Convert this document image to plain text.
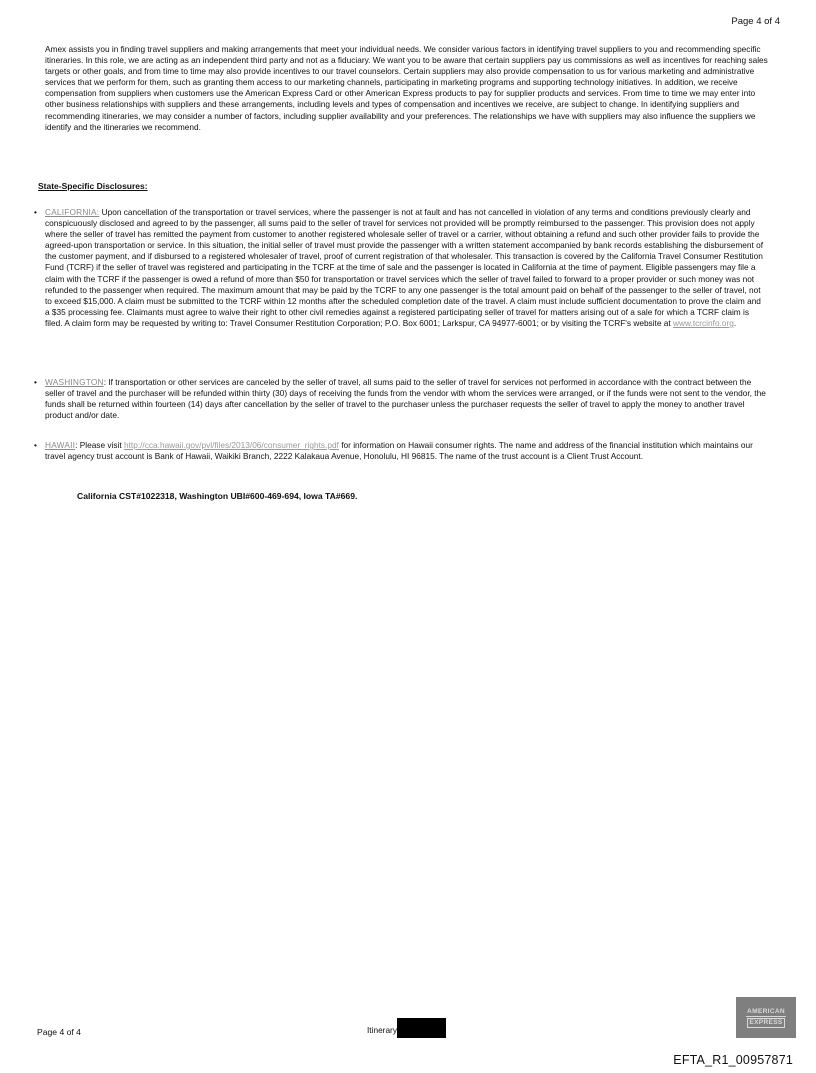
Page 4 of 4

Amex assists you in finding travel suppliers and making arrangements that meet your individual needs. We consider various factors in identifying travel suppliers to you and recommending specific itineraries. In this role, we are acting as an independent third party and not as a fiduciary. We want you to be aware that certain suppliers pay us commissions as well as incentives for reaching sales targets or other goals, and from time to time may also provide incentives to our travel counselors. Certain suppliers may also provide compensation to us for various marketing and administrative services that we perform for them, such as granting them access to our marketing channels, participating in marketing programs and supporting technology initiatives. In addition, we receive compensation from suppliers when customers use the American Express Card or other American Express products to pay for supplier products and services. From time to time we may enter into other business relationships with suppliers and these arrangements, including levels and types of compensation and incentives we receive, are subject to change. In identifying suppliers and recommending itineraries, we may consider a number of factors, including supplier availability and your preferences. The relationships we have with suppliers may also influence the suppliers we identify and the itineraries we recommend.

State-Specific Disclosures:
• CALIFORNIA: Upon cancellation of the transportation or travel services, where the passenger is not at fault and has not cancelled in violation of any terms and conditions previously clearly and conspicuously disclosed and agreed to by the passenger, all sums paid to the seller of travel for services not provided will be promptly reimbursed to the passenger. This provision does not apply where the seller of travel has remitted the payment from customer to another registered wholesale seller of travel or a carrier, without obtaining a refund and such other provider fails to provide the agreed-upon transportation or service. In this situation, the initial seller of travel must provide the passenger with a written statement accompanied by bank records establishing the disbursement of the customer payment, and if disbursed to a registered wholesaler of travel, proof of current registration of that wholesaler. This transaction is covered by the California Travel Consumer Restitution Fund (TCRF) if the seller of travel was registered and participating in the TCRF at the time of sale and the passenger is located in California at the time of payment. Eligible passengers may file a claim with the TCRF if the passenger is owed a refund of more than $50 for transportation or travel services which the seller of travel failed to forward to a proper provider or such money was not refunded to the passenger when required. The maximum amount that may be paid by the TCRF to any one passenger is the total amount paid on behalf of the passenger to the seller of travel, not to exceed $15,000. A claim must be submitted to the TCRF within 12 months after the scheduled completion date of the travel. A claim must include sufficient documentation to prove the claim and a $35 processing fee. Claimants must agree to waive their right to other civil remedies against a registered participating seller of travel for matters arising out of a sale for which a TCRF claim is filed. A claim form may be requested by writing to: Travel Consumer Restitution Corporation; P.O. Box 6001; Larkspur, CA 94977-6001; or by visiting the TCRF's website at www.tcrcinfo.org.
• WASHINGTON: If transportation or other services are canceled by the seller of travel, all sums paid to the seller of travel for services not performed in accordance with the contract between the seller of travel and the purchaser will be refunded within thirty (30) days of receiving the funds from the vendor with whom the services were arranged, or if the funds were not sent to the vendor, the funds shall be returned within fourteen (14) days after cancellation by the seller of travel to the purchaser unless the purchaser requests the seller of travel to apply the money to another travel product and/or date.
• HAWAII: Please visit http://cca.hawaii.gov/pvl/files/2013/06/consumer_rights.pdf for information on Hawaii consumer rights. The name and address of the financial institution which maintains our travel agency trust account is Bank of Hawaii, Waikiki Branch, 2222 Kalakaua Avenue, Honolulu, HI 96815. The name of the trust account is a Client Trust Account.
California CST#1022318, Washington UBI#600-469-694, Iowa TA#669.
Page 4 of 4	Itinerary
AMERICAN
EXPRESS
EFTA_R1_00957871
